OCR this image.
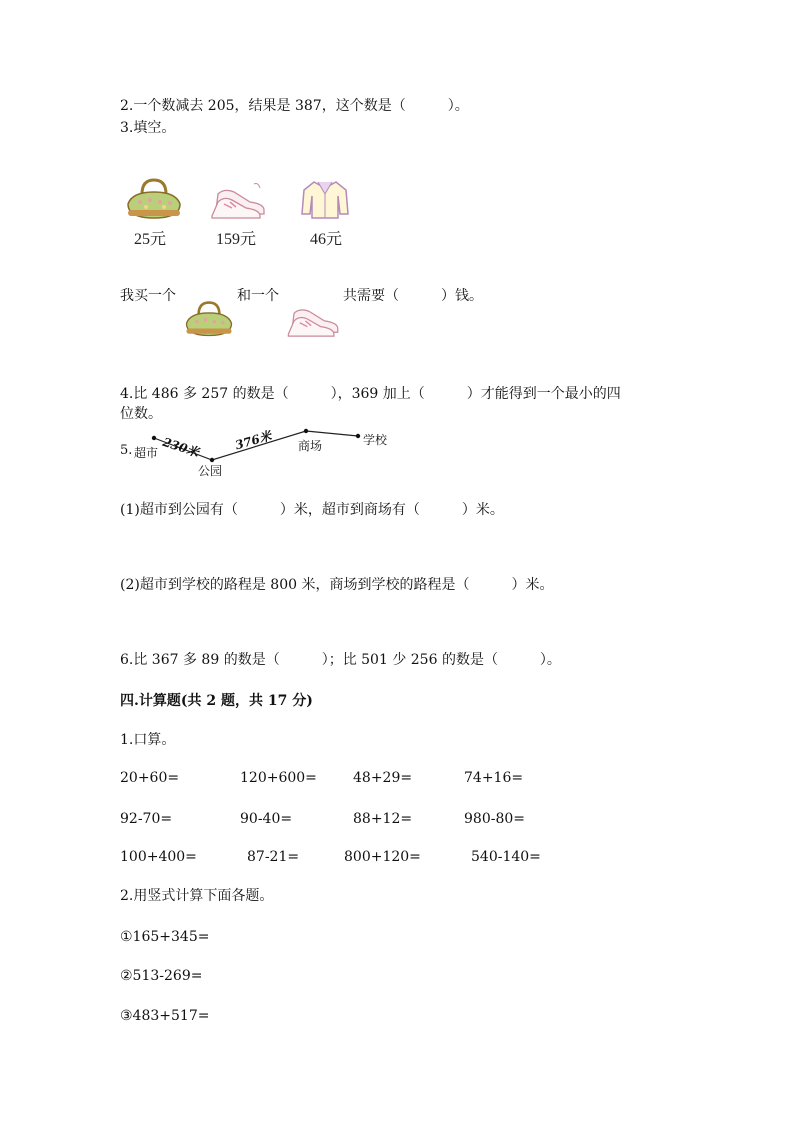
2.一个数减去 205，结果是 387，这个数是（　　　）。
3.填空。
25元	159元	46元
我买一个	和一个	共需要（　　　）钱。
4.比 486 多 257 的数是（　　　），369 加上（　　　）才能得到一个最小的四
位数。
5. 超市
公园
商场	学校
230米	376米
(1)超市到公园有（　　　）米，超市到商场有（　　　）米。
(2)超市到学校的路程是 800 米，商场到学校的路程是（　　　）米。
6.比 367 多 89 的数是（　　　）；比 501 少 256 的数是（　　　）。
四.计算题(共 2 题，共 17 分)
1.口算。
20+60=	120+600=	48+29=	74+16=
92-70=	90-40=	88+12=	980-80=
100+400=	87-21=	800+120=	540-140=
2.用竖式计算下面各题。
①165+345=
②513-269=
③483+517=
